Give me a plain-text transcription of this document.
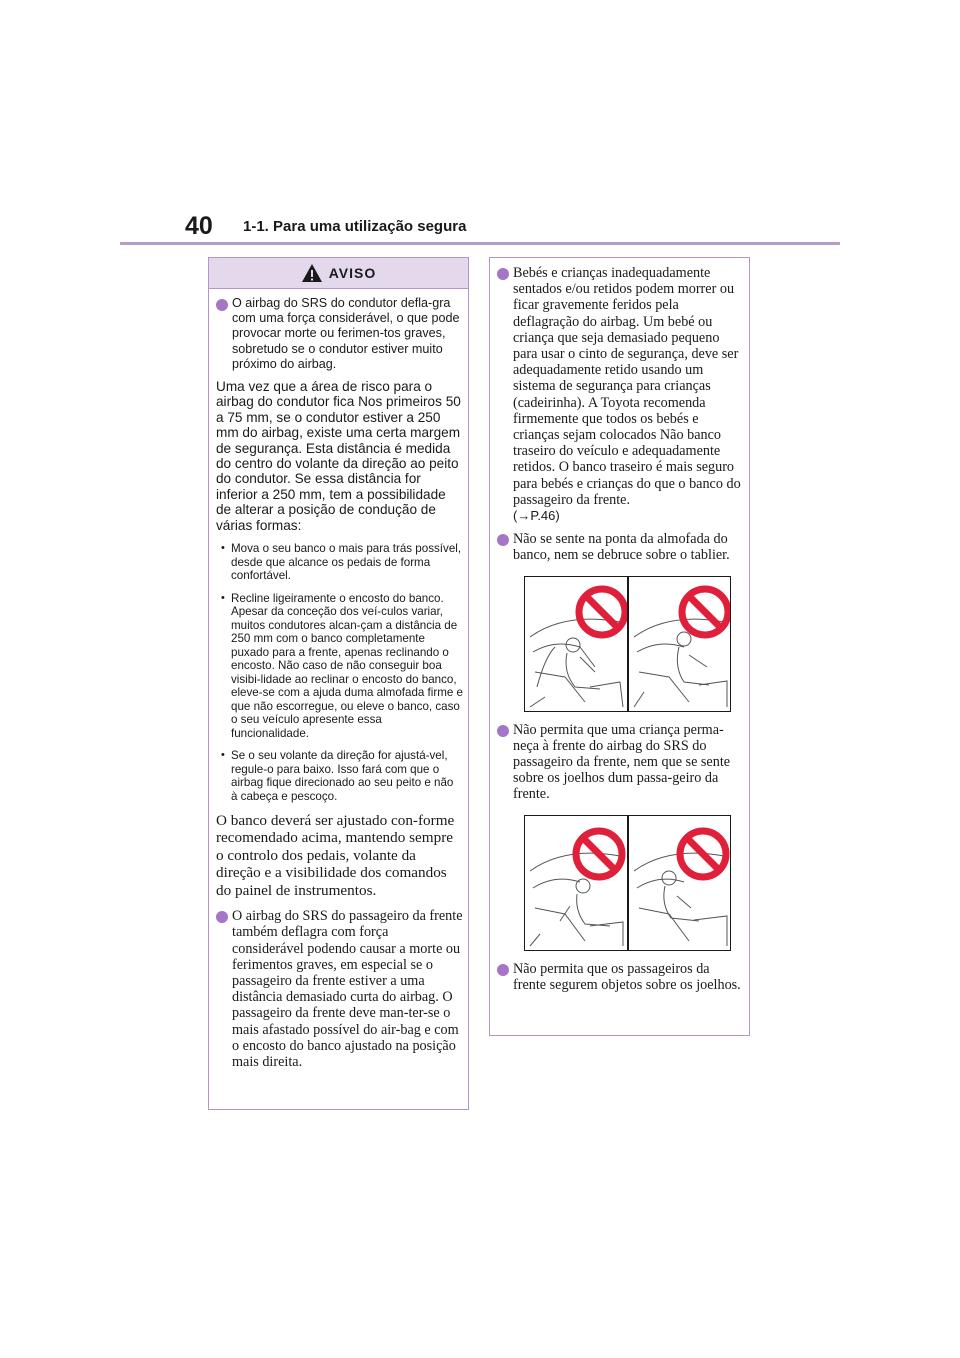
40 1-1. Para uma utilização segura
AVISO
O airbag do SRS do condutor defla-gra com uma força considerável, o que pode provocar morte ou ferimen-tos graves, sobretudo se o condutor estiver muito próximo do airbag.

Uma vez que a área de risco para o airbag do condutor fica Nos primeiros 50 a 75 mm, se o condutor estiver a 250 mm do airbag, existe uma certa margem de segurança. Esta distância é medida do centro do volante da direção ao peito do condutor. Se essa distância for inferior a 250 mm, tem a possibilidade de alterar a posição de condução de várias formas:

• Mova o seu banco o mais para trás possível, desde que alcance os pedais de forma confortável.
• Recline ligeiramente o encosto do banco. Apesar da conceção dos veí-culos variar, muitos condutores alcan-çam a distância de 250 mm com o banco completamente puxado para a frente, apenas reclinando o encosto. Não caso de não conseguir boa visibi-lidade ao reclinar o encosto do banco, eleve-se com a ajuda duma almofada firme e que não escorregue, ou eleve o banco, caso o seu veículo apresente essa funcionalidade.
• Se o seu volante da direção for ajustá-vel, regule-o para baixo. Isso fará com que o airbag fique direcionado ao seu peito e não à cabeça e pescoço.

O banco deverá ser ajustado con-forme recomendado acima, mantendo sempre o controlo dos pedais, volante da direção e a visibilidade dos comandos do painel de instrumentos.

O airbag do SRS do passageiro da frente também deflagra com força considerável podendo causar a morte ou ferimentos graves, em especial se o passageiro da frente estiver a uma distância demasiado curta do airbag. O passageiro da frente deve man-ter-se o mais afastado possível do air-bag e com o encosto do banco ajustado na posição mais direita.
Bebés e crianças inadequadamente sentados e/ou retidos podem morrer ou ficar gravemente feridos pela deflagração do airbag. Um bebé ou criança que seja demasiado pequeno para usar o cinto de segurança, deve ser adequadamente retido usando um sistema de segurança para crianças (cadeirinha). A Toyota recomenda firmemente que todos os bebés e crianças sejam colocados Não banco traseiro do veículo e adequadamente retidos. O banco traseiro é mais seguro para bebés e crianças do que o banco do passageiro da frente.
(→P.46)
Não se sente na ponta da almofada do banco, nem se debruce sobre o tablier.
Não permita que uma criança perma-neça à frente do airbag do SRS do passageiro da frente, nem que se sente sobre os joelhos dum passa-geiro da frente.
Não permita que os passageiros da frente segurem objetos sobre os joelhos.
